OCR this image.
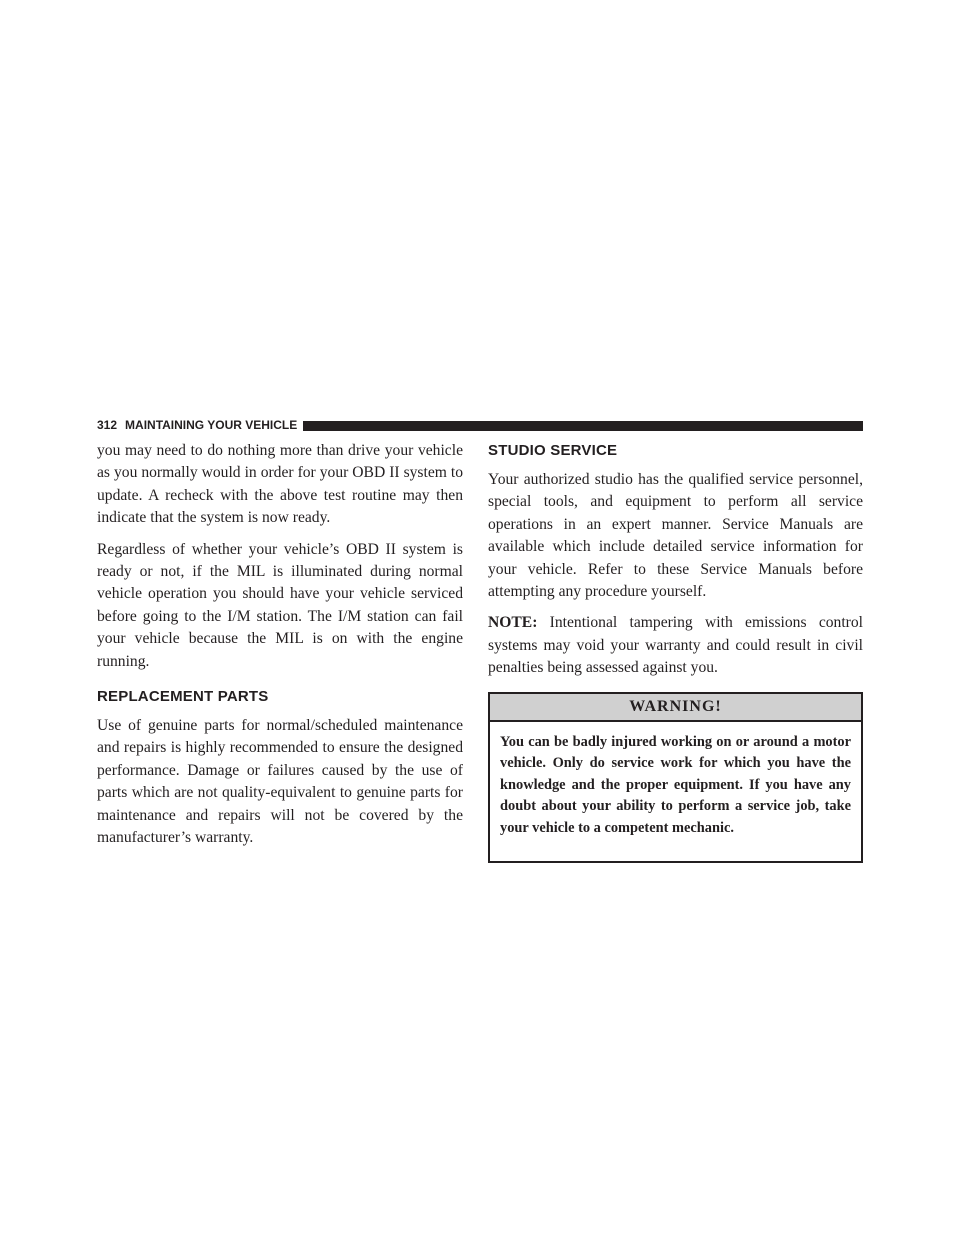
312 MAINTAINING YOUR VEHICLE

you may need to do nothing more than drive your vehicle as you normally would in order for your OBD II system to update. A recheck with the above test routine may then indicate that the system is now ready.

Regardless of whether your vehicle’s OBD II system is ready or not, if the MIL is illuminated during normal vehicle operation you should have your vehicle serviced before going to the I/M station. The I/M station can fail your vehicle because the MIL is on with the engine running.

REPLACEMENT PARTS

Use of genuine parts for normal/scheduled maintenance and repairs is highly recommended to ensure the designed performance. Damage or failures caused by the use of parts which are not quality-equivalent to genuine parts for maintenance and repairs will not be covered by the manufacturer’s warranty.

STUDIO SERVICE

Your authorized studio has the qualified service personnel, special tools, and equipment to perform all service operations in an expert manner. Service Manuals are available which include detailed service information for your vehicle. Refer to these Service Manuals before attempting any procedure yourself.

NOTE: Intentional tampering with emissions control systems may void your warranty and could result in civil penalties being assessed against you.

WARNING!

You can be badly injured working on or around a motor vehicle. Only do service work for which you have the knowledge and the proper equipment. If you have any doubt about your ability to perform a service job, take your vehicle to a competent mechanic.
